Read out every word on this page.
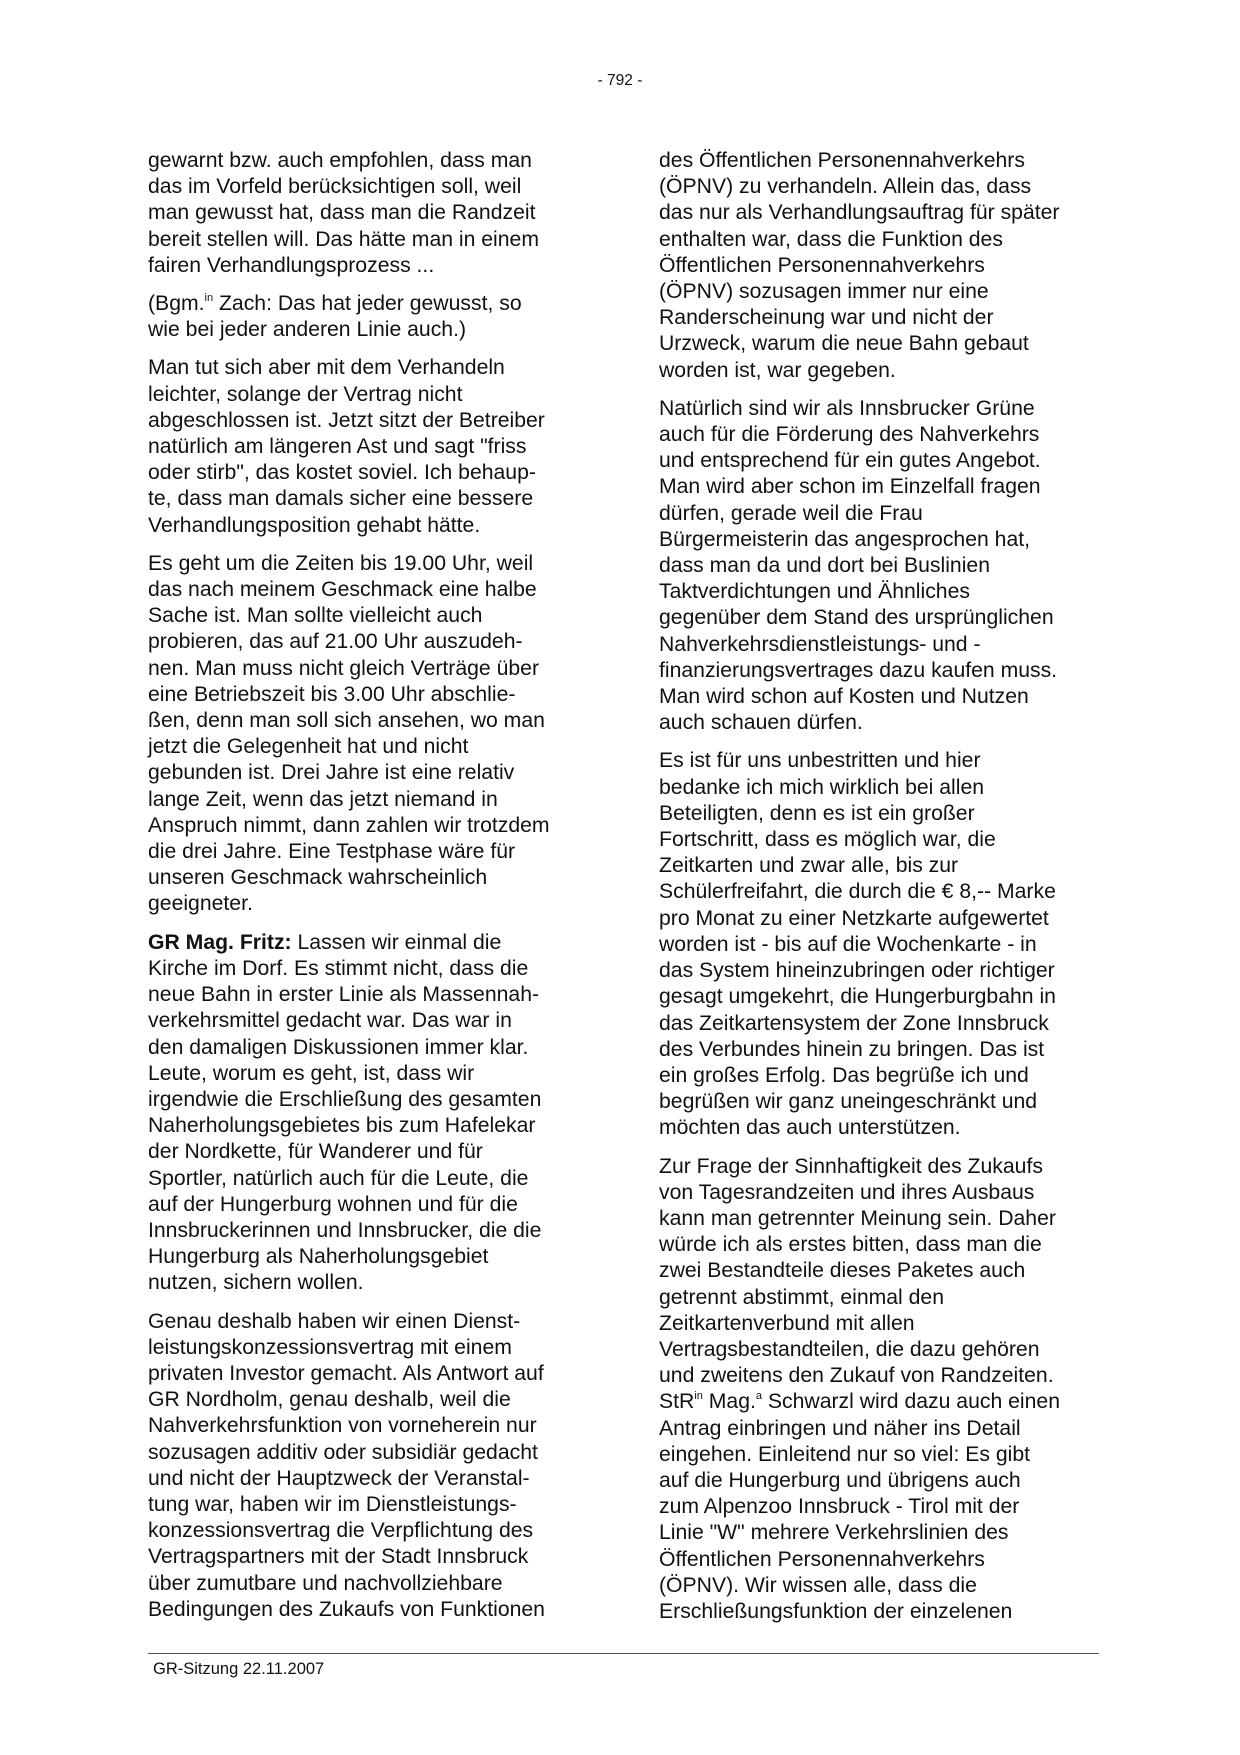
- 792 -

gewarnt bzw. auch empfohlen, dass man
das im Vorfeld berücksichtigen soll, weil
man gewusst hat, dass man die Randzeit
bereit stellen will. Das hätte man in einem
fairen Verhandlungsprozess ...

(Bgm.$^{in}$ Zach: Das hat jeder gewusst, so
wie bei jeder anderen Linie auch.)

Man tut sich aber mit dem Verhandeln
leichter, solange der Vertrag nicht
abgeschlossen ist. Jetzt sitzt der Betreiber
natürlich am längeren Ast und sagt "friss
oder stirb", das kostet soviel. Ich behaup-
te, dass man damals sicher eine bessere
Verhandlungsposition gehabt hätte.

Es geht um die Zeiten bis 19.00 Uhr, weil
das nach meinem Geschmack eine halbe
Sache ist. Man sollte vielleicht auch
probieren, das auf 21.00 Uhr auszudeh-
nen. Man muss nicht gleich Verträge über
eine Betriebszeit bis 3.00 Uhr abschlie-
ßen, denn man soll sich ansehen, wo man
jetzt die Gelegenheit hat und nicht
gebunden ist. Drei Jahre ist eine relativ
lange Zeit, wenn das jetzt niemand in
Anspruch nimmt, dann zahlen wir trotzdem
die drei Jahre. Eine Testphase wäre für
unseren Geschmack wahrscheinlich
geeigneter.

GR Mag. Fritz: Lassen wir einmal die
Kirche im Dorf. Es stimmt nicht, dass die
neue Bahn in erster Linie als Massennah-
verkehrsmittel gedacht war. Das war in
den damaligen Diskussionen immer klar.
Leute, worum es geht, ist, dass wir
irgendwie die Erschließung des gesamten
Naherholungsgebietes bis zum Hafelekar
der Nordkette, für Wanderer und für
Sportler, natürlich auch für die Leute, die
auf der Hungerburg wohnen und für die
Innsbruckerinnen und Innsbrucker, die die
Hungerburg als Naherholungsgebiet
nutzen, sichern wollen.

Genau deshalb haben wir einen Dienst-
leistungskonzessionsvertrag mit einem
privaten Investor gemacht. Als Antwort auf
GR Nordholm, genau deshalb, weil die
Nahverkehrsfunktion von vorneherein nur
sozusagen additiv oder subsidiär gedacht
und nicht der Hauptzweck der Veranstal-
tung war, haben wir im Dienstleistungs-
konzessionsvertrag die Verpflichtung des
Vertragspartners mit der Stadt Innsbruck
über zumutbare und nachvollziehbare
Bedingungen des Zukaufs von Funktionen

des Öffentlichen Personennahverkehrs
(ÖPNV) zu verhandeln. Allein das, dass
das nur als Verhandlungsauftrag für später
enthalten war, dass die Funktion des
Öffentlichen Personennahverkehrs
(ÖPNV) sozusagen immer nur eine
Randerscheinung war und nicht der
Urzweck, warum die neue Bahn gebaut
worden ist, war gegeben.

Natürlich sind wir als Innsbrucker Grüne
auch für die Förderung des Nahverkehrs
und entsprechend für ein gutes Angebot.
Man wird aber schon im Einzelfall fragen
dürfen, gerade weil die Frau
Bürgermeisterin das angesprochen hat,
dass man da und dort bei Buslinien
Taktverdichtungen und Ähnliches
gegenüber dem Stand des ursprünglichen
Nahverkehrsdienstleistungs- und -
finanzierungsvertrages dazu kaufen muss.
Man wird schon auf Kosten und Nutzen
auch schauen dürfen.

Es ist für uns unbestritten und hier
bedanke ich mich wirklich bei allen
Beteiligten, denn es ist ein großer
Fortschritt, dass es möglich war, die
Zeitkarten und zwar alle, bis zur
Schülerfreifahrt, die durch die € 8,-- Marke
pro Monat zu einer Netzkarte aufgewertet
worden ist - bis auf die Wochenkarte - in
das System hineinzubringen oder richtiger
gesagt umgekehrt, die Hungerburgbahn in
das Zeitkartensystem der Zone Innsbruck
des Verbundes hinein zu bringen. Das ist
ein großes Erfolg. Das begrüße ich und
begrüßen wir ganz uneingeschränkt und
möchten das auch unterstützen.

Zur Frage der Sinnhaftigkeit des Zukaufs
von Tagesrandzeiten und ihres Ausbaus
kann man getrennter Meinung sein. Daher
würde ich als erstes bitten, dass man die
zwei Bestandteile dieses Paketes auch
getrennt abstimmt, einmal den
Zeitkartenverbund mit allen
Vertragsbestandteilen, die dazu gehören
und zweitens den Zukauf von Randzeiten.
StR$^{in}$ Mag.$^a$ Schwarzl wird dazu auch einen
Antrag einbringen und näher ins Detail
eingehen. Einleitend nur so viel: Es gibt
auf die Hungerburg und übrigens auch
zum Alpenzoo Innsbruck - Tirol mit der
Linie "W" mehrere Verkehrslinien des
Öffentlichen Personennahverkehrs
(ÖPNV). Wir wissen alle, dass die
Erschließungsfunktion der einzelenen

GR-Sitzung 22.11.2007
